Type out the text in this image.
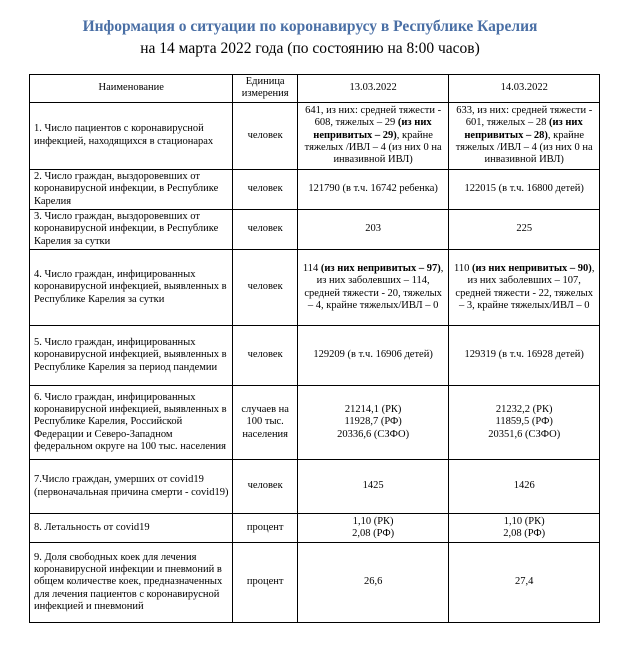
Информация о ситуации по коронавирусу в Республике Карелия
на 14 марта 2022 года (по состоянию на 8:00 часов)
Наименование	Единица измерения	13.03.2022	14.03.2022
1. Число пациентов с коронавирусной инфекцией, находящихся в стационарах	человек	641, из них: средней тяжести - 608, тяжелых – 29 (из них непривитых – 29), крайне тяжелых /ИВЛ – 4 (из них 0 на инвазивной ИВЛ)	633, из них: средней тяжести - 601, тяжелых – 28 (из них непривитых – 28), крайне тяжелых /ИВЛ – 4 (из них 0 на инвазивной ИВЛ)
2. Число граждан, выздоровевших от коронавирусной инфекции, в Республике Карелия	человек	121790 (в т.ч. 16742 ребенка)	122015 (в т.ч. 16800 детей)
3. Число граждан, выздоровевших от коронавирусной инфекции, в Республике Карелия за сутки	человек	203	225
4. Число граждан, инфицированных коронавирусной инфекцией, выявленных в Республике Карелия за сутки	человек	114 (из них непривитых – 97), из них заболевших – 114, средней тяжести - 20, тяжелых – 4, крайне тяжелых/ИВЛ – 0	110 (из них непривитых – 90), из них заболевших – 107, средней тяжести - 22, тяжелых – 3, крайне тяжелых/ИВЛ – 0
5. Число граждан, инфицированных коронавирусной инфекцией, выявленных в Республике Карелия за период пандемии	человек	129209 (в т.ч. 16906 детей)	129319 (в т.ч. 16928 детей)
6. Число граждан, инфицированных коронавирусной инфекцией, выявленных в Республике Карелия, Российской Федерации и Северо-Западном федеральном округе на 100 тыс. населения	случаев на 100 тыс. населения	21214,1 (РК)
11928,7 (РФ)
20336,6 (СЗФО)	21232,2 (РК)
11859,5 (РФ)
20351,6 (СЗФО)

7.Число граждан, умерших от covid19 (первоначальная причина смерти - covid19)	человек	1425	1426
8. Летальность от covid19	процент	1,10 (РК)
2,08 (РФ)	1,10 (РК)
2,08 (РФ)

9. Доля свободных коек для лечения коронавирусной инфекции и пневмоний в общем количестве коек, предназначенных для лечения пациентов с коронавирусной инфекцией и пневмоний	процент	26,6	27,4
